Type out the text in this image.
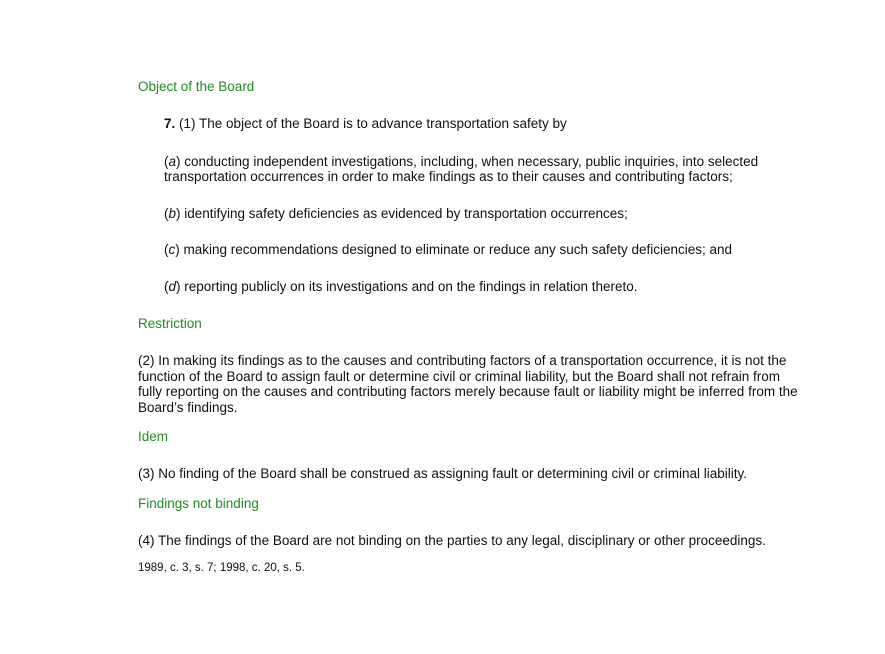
Object of the Board

7. (1) The object of the Board is to advance transportation safety by

(a) conducting independent investigations, including, when necessary, public inquiries, into selected transportation occurrences in order to make findings as to their causes and contributing factors;

(b) identifying safety deficiencies as evidenced by transportation occurrences;

(c) making recommendations designed to eliminate or reduce any such safety deficiencies; and

(d) reporting publicly on its investigations and on the findings in relation thereto.

Restriction

(2) In making its findings as to the causes and contributing factors of a transportation occurrence, it is not the function of the Board to assign fault or determine civil or criminal liability, but the Board shall not refrain from fully reporting on the causes and contributing factors merely because fault or liability might be inferred from the Board’s findings.

Idem

(3) No finding of the Board shall be construed as assigning fault or determining civil or criminal liability.

Findings not binding

(4) The findings of the Board are not binding on the parties to any legal, disciplinary or other proceedings.

1989, c. 3, s. 7; 1998, c. 20, s. 5.
